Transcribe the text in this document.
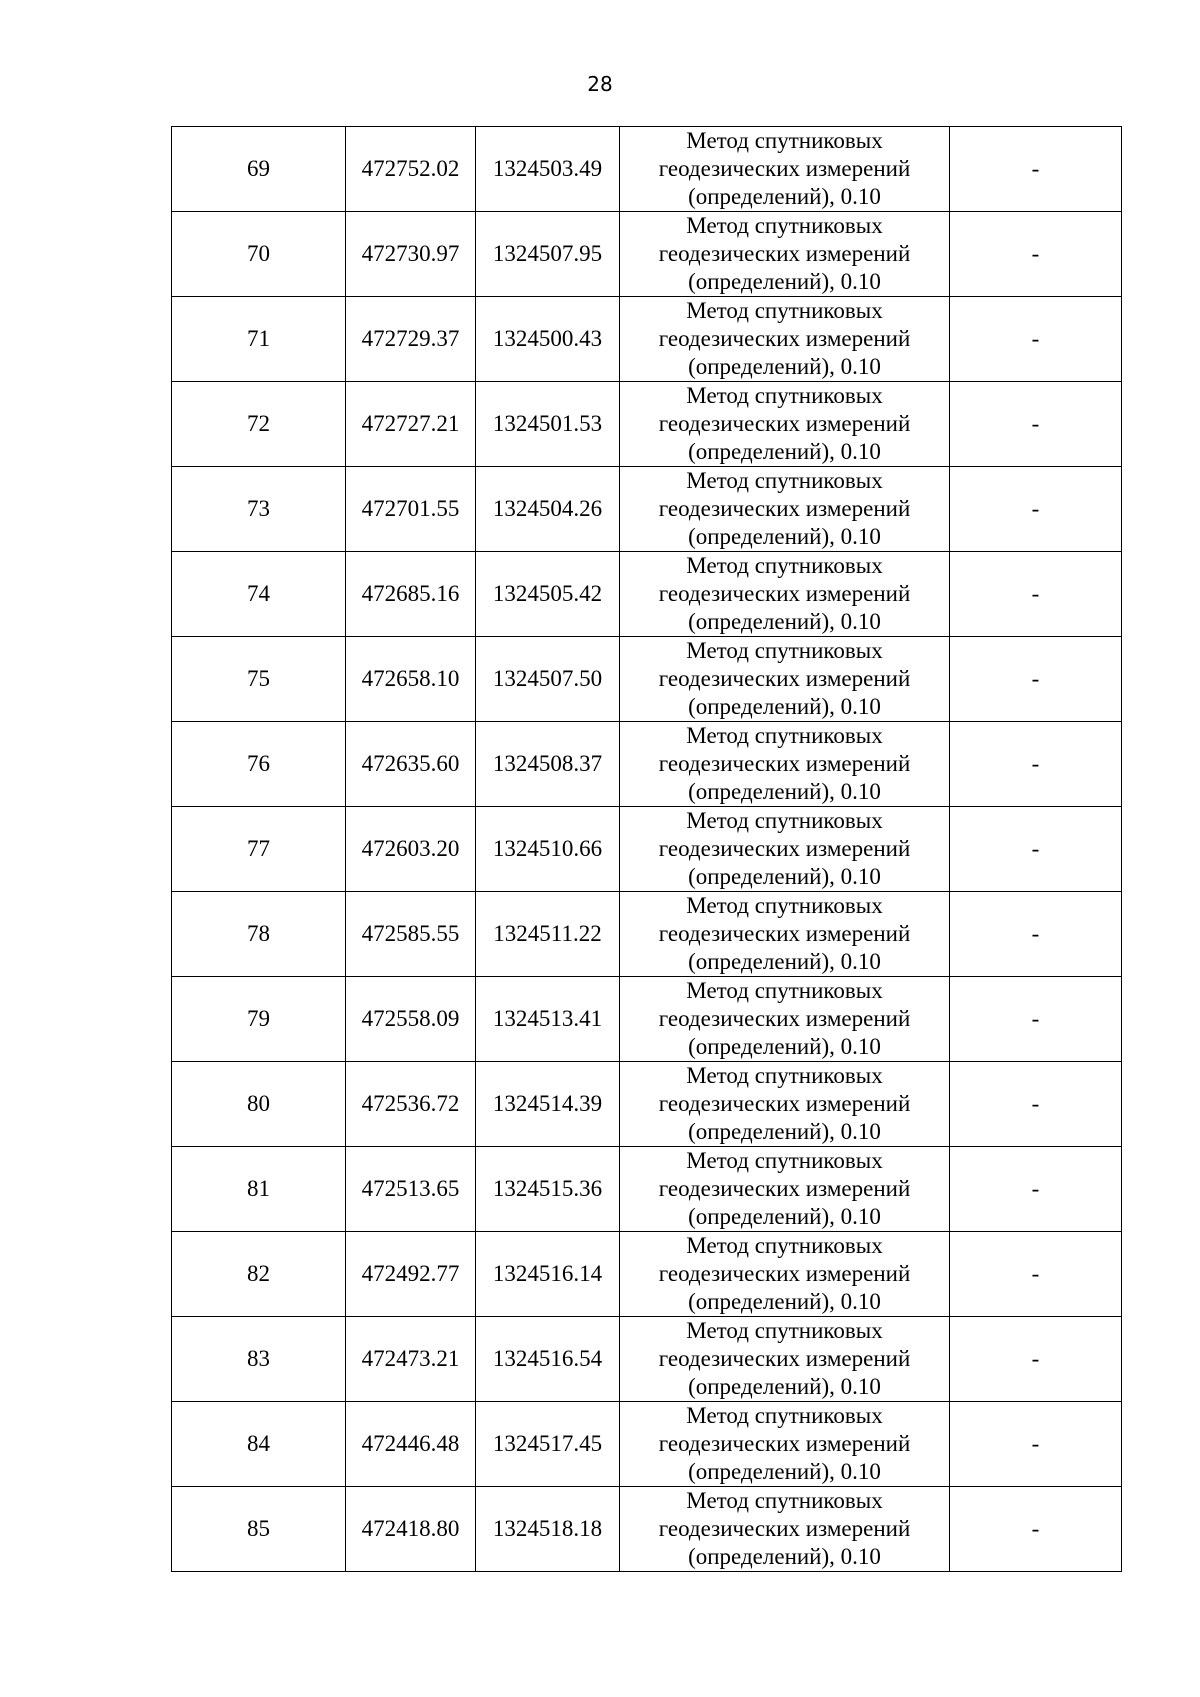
28
69	472752.02	1324503.49	Метод спутниковых
геодезических измерений
(определений), 0.10	-
70	472730.97	1324507.95	Метод спутниковых
геодезических измерений
(определений), 0.10	-
71	472729.37	1324500.43	Метод спутниковых
геодезических измерений
(определений), 0.10	-
72	472727.21	1324501.53	Метод спутниковых
геодезических измерений
(определений), 0.10	-
73	472701.55	1324504.26	Метод спутниковых
геодезических измерений
(определений), 0.10	-
74	472685.16	1324505.42	Метод спутниковых
геодезических измерений
(определений), 0.10	-
75	472658.10	1324507.50	Метод спутниковых
геодезических измерений
(определений), 0.10	-
76	472635.60	1324508.37	Метод спутниковых
геодезических измерений
(определений), 0.10	-
77	472603.20	1324510.66	Метод спутниковых
геодезических измерений
(определений), 0.10	-
78	472585.55	1324511.22	Метод спутниковых
геодезических измерений
(определений), 0.10	-
79	472558.09	1324513.41	Метод спутниковых
геодезических измерений
(определений), 0.10	-
80	472536.72	1324514.39	Метод спутниковых
геодезических измерений
(определений), 0.10	-
81	472513.65	1324515.36	Метод спутниковых
геодезических измерений
(определений), 0.10	-
82	472492.77	1324516.14	Метод спутниковых
геодезических измерений
(определений), 0.10	-
83	472473.21	1324516.54	Метод спутниковых
геодезических измерений
(определений), 0.10	-
84	472446.48	1324517.45	Метод спутниковых
геодезических измерений
(определений), 0.10	-
85	472418.80	1324518.18	Метод спутниковых
геодезических измерений
(определений), 0.10	-
